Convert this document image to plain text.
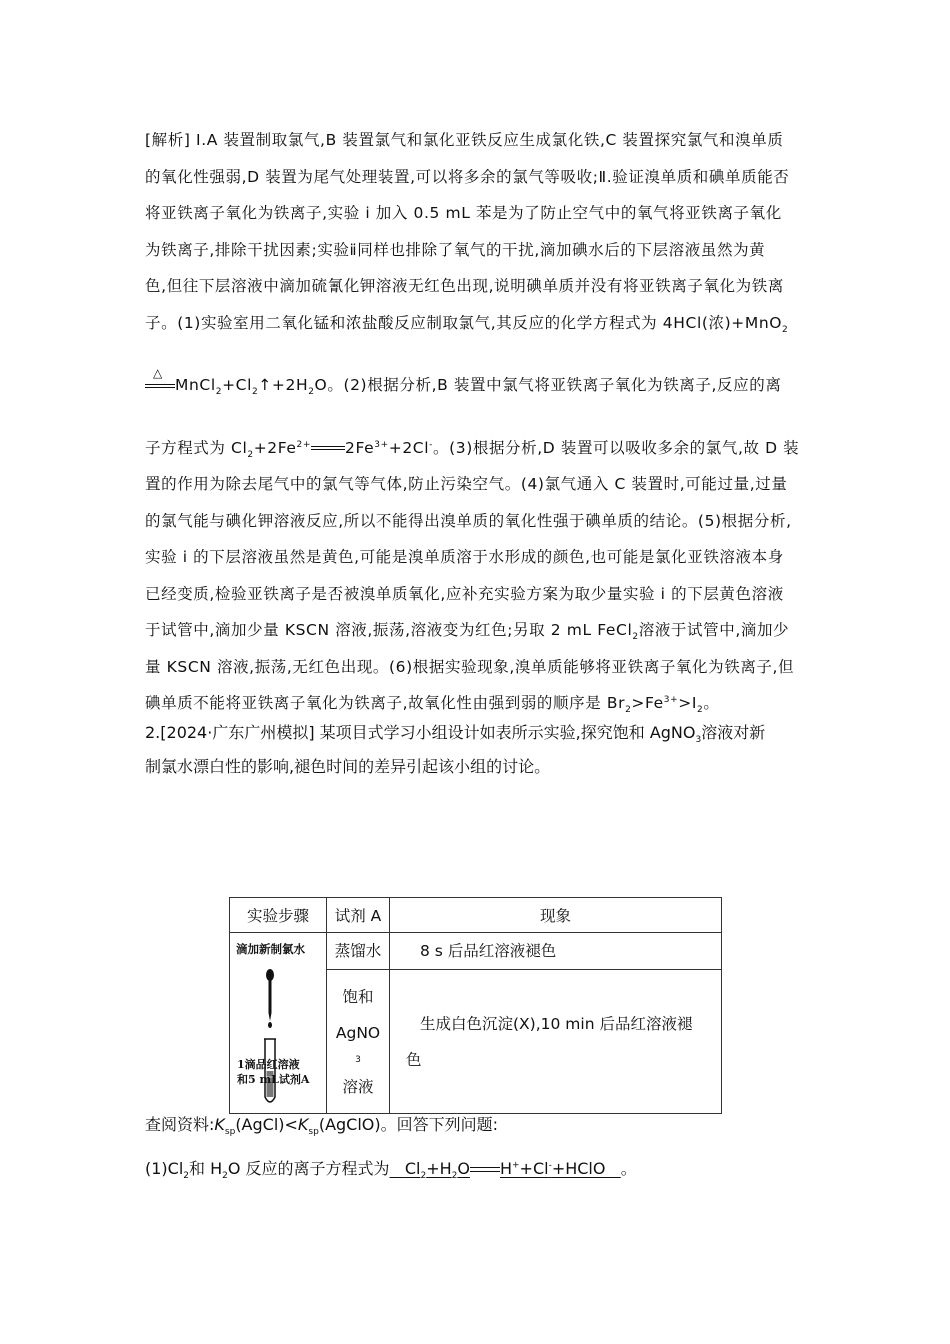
[解析] Ⅰ.A 装置制取氯气,B 装置氯气和氯化亚铁反应生成氯化铁,C 装置探究氯气和溴单质

的氧化性强弱,D 装置为尾气处理装置,可以将多余的氯气等吸收;Ⅱ.验证溴单质和碘单质能否

将亚铁离子氧化为铁离子,实验 ⅰ 加入 0.5 mL 苯是为了防止空气中的氧气将亚铁离子氧化

为铁离子,排除干扰因素;实验ⅱ同样也排除了氧气的干扰,滴加碘水后的下层溶液虽然为黄

色,但往下层溶液中滴加硫氰化钾溶液无红色出现,说明碘单质并没有将亚铁离子氧化为铁离

子。(1)实验室用二氧化锰和浓盐酸反应制取氯气,其反应的化学方程式为 4HCl(浓)+MnO$_2$

△
$MnCl_2+Cl_2↑+2H_2O$。(2)根据分析,B 装置中氯气将亚铁离子氧化为铁离子,反应的离

子方程式为 $Cl_2+2Fe^{2+}$ $2Fe^{3+}+2Cl^-$。(3)根据分析,D 装置可以吸收多余的氯气,故 D 装

置的作用为除去尾气中的氯气等气体,防止污染空气。(4)氯气通入 C 装置时,可能过量,过量

的氯气能与碘化钾溶液反应,所以不能得出溴单质的氧化性强于碘单质的结论。(5)根据分析,

实验 ⅰ 的下层溶液虽然是黄色,可能是溴单质溶于水形成的颜色,也可能是氯化亚铁溶液本身

已经变质,检验亚铁离子是否被溴单质氧化,应补充实验方案为取少量实验 ⅰ 的下层黄色溶液

于试管中,滴加少量 KSCN 溶液,振荡,溶液变为红色;另取 2 mL FeCl$_2$溶液于试管中,滴加少

量 KSCN 溶液,振荡,无红色出现。(6)根据实验现象,溴单质能够将亚铁离子氧化为铁离子,但

碘单质不能将亚铁离子氧化为铁离子,故氧化性由强到弱的顺序是 $Br_2>Fe^{3+}>I_2$。

2.[2024·广东广州模拟] 某项目式学习小组设计如表所示实验,探究饱和 AgNO$_3$溶液对新

制氯水漂白性的影响,褪色时间的差异引起该小组的讨论。

实验步骤	试剂 A	现象

滴加新制氯水
1滴品红溶液
和5 mL试剂A	蒸馏水	8 s 后品红溶液褪色

	饱和
AgNO
3
溶液	生成白色沉淀(X),10 min 后品红溶液褪色

查阅资料$:K_{sp}(AgCl)<K_{sp}(AgClO)$。回答下列问题:

$(1)Cl_2$和 $H_2O$ 反应的离子方程式为 $Cl_2+H_2O$ H++Cl-+HClO 。
